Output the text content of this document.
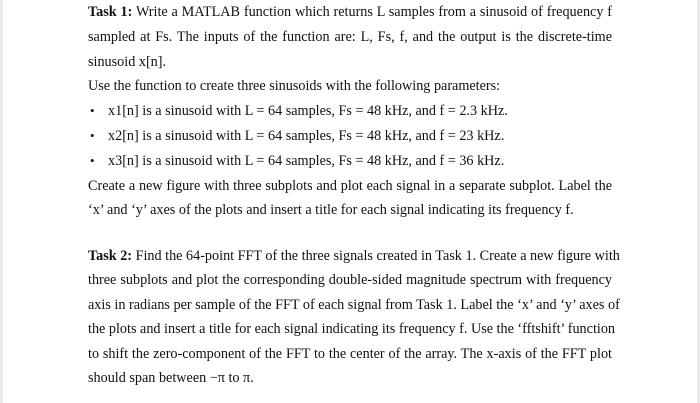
Task 1: Write a MATLAB function which returns L samples from a sinusoid of frequency f
sampled at Fs. The inputs of the function are: L, Fs, f, and the output is the discrete-time
sinusoid x[n].
Use the function to create three sinusoids with the following parameters:
• x1[n] is a sinusoid with L = 64 samples, Fs = 48 kHz, and f = 2.3 kHz.
• x2[n] is a sinusoid with L = 64 samples, Fs = 48 kHz, and f = 23 kHz.
• x3[n] is a sinusoid with L = 64 samples, Fs = 48 kHz, and f = 36 kHz.
Create a new figure with three subplots and plot each signal in a separate subplot. Label the
‘x’ and ‘y’ axes of the plots and insert a title for each signal indicating its frequency f.
Task 2: Find the 64-point FFT of the three signals created in Task 1. Create a new figure with
three subplots and plot the corresponding double-sided magnitude spectrum with frequency
axis in radians per sample of the FFT of each signal from Task 1. Label the ‘x’ and ‘y’ axes of
the plots and insert a title for each signal indicating its frequency f. Use the ‘fftshift’ function
to shift the zero-component of the FFT to the center of the array. The x-axis of the FFT plot
should span between −π to π.
